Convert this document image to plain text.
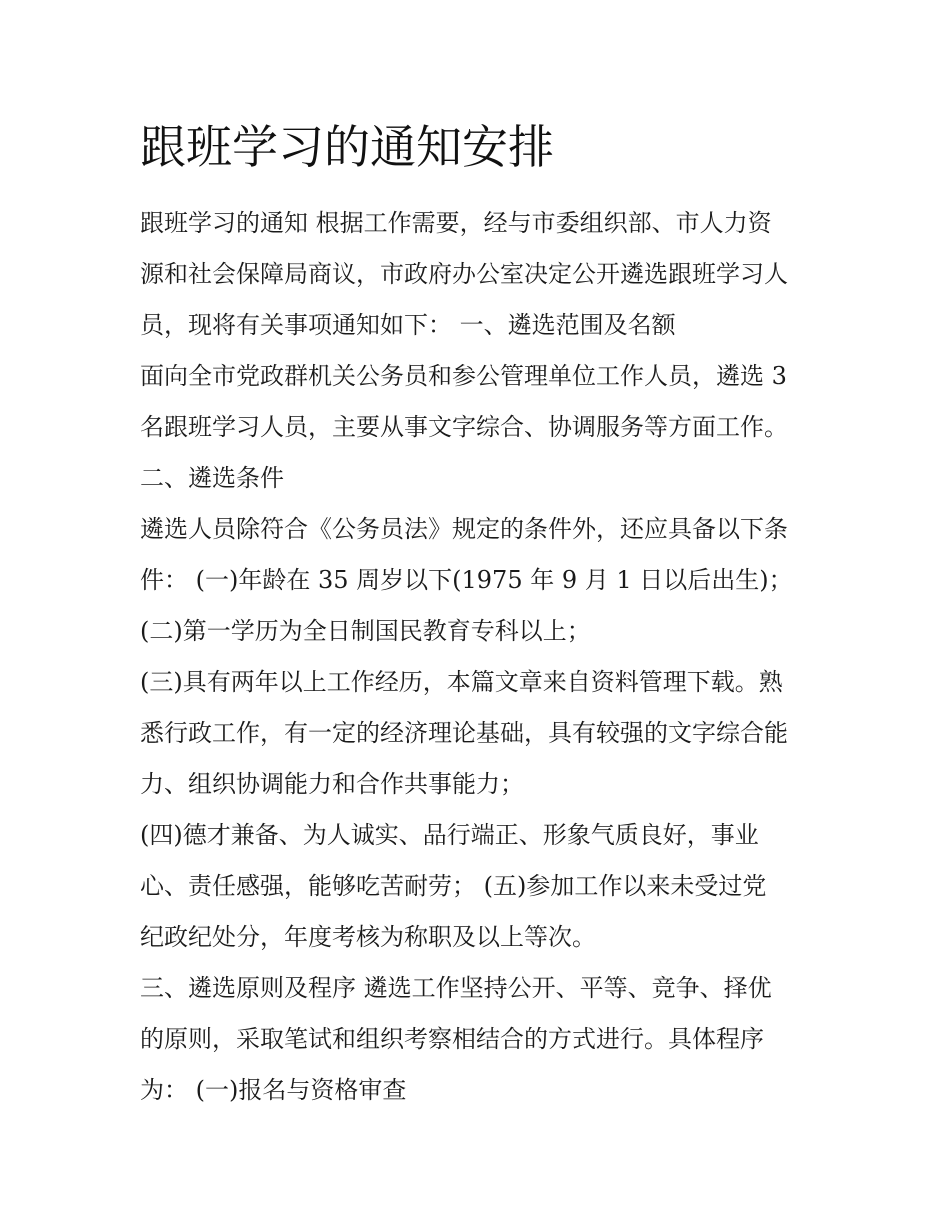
跟班学习的通知安排
跟班学习的通知 根据工作需要，经与市委组织部、市人力资
源和社会保障局商议，市政府办公室决定公开遴选跟班学习人
员，现将有关事项通知如下： 一、遴选范围及名额
面向全市党政群机关公务员和参公管理单位工作人员，遴选 3
名跟班学习人员，主要从事文字综合、协调服务等方面工作。
二、遴选条件
遴选人员除符合《公务员法》规定的条件外，还应具备以下条
件： (一)年龄在 35 周岁以下(1975 年 9 月 1 日以后出生)；
(二)第一学历为全日制国民教育专科以上；
(三)具有两年以上工作经历，本篇文章来自资料管理下载。熟
悉行政工作，有一定的经济理论基础，具有较强的文字综合能
力、组织协调能力和合作共事能力；
(四)德才兼备、为人诚实、品行端正、形象气质良好，事业
心、责任感强，能够吃苦耐劳； (五)参加工作以来未受过党
纪政纪处分，年度考核为称职及以上等次。
三、遴选原则及程序 遴选工作坚持公开、平等、竞争、择优
的原则，采取笔试和组织考察相结合的方式进行。具体程序
为： (一)报名与资格审查
